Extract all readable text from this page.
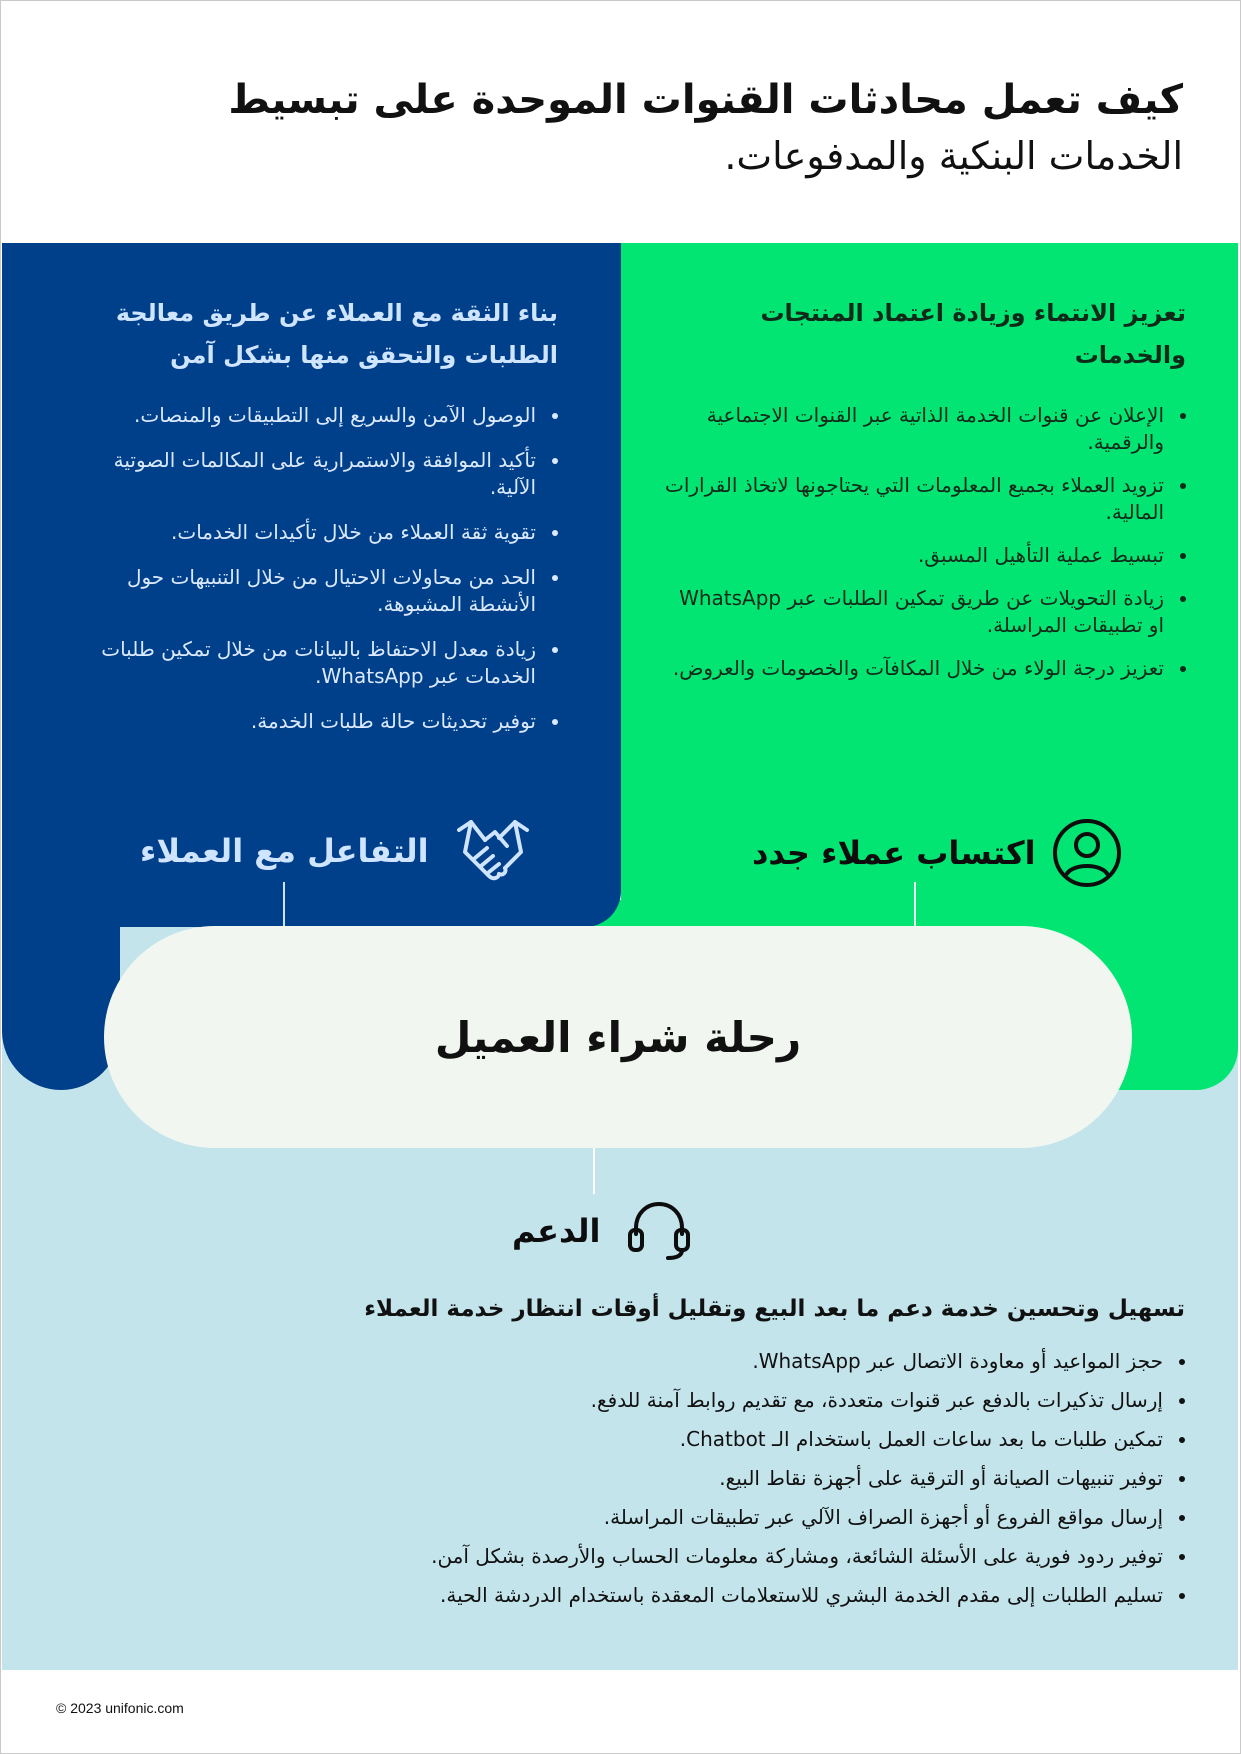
كيف تعمل محادثات القنوات الموحدة على تبسيط

الخدمات البنكية والمدفوعات.

بناء الثقة مع العملاء عن طريق معالجة الطلبات والتحقق منها بشكل آمن
الوصول الآمن والسريع إلى التطبيقات والمنصات.
تأكيد الموافقة والاستمرارية على المكالمات الصوتية الآلية.
تقوية ثقة العملاء من خلال تأكيدات الخدمات.
الحد من محاولات الاحتيال من خلال التنبيهات حول الأنشطة المشبوهة.
زيادة معدل الاحتفاظ بالبيانات من خلال تمكين طلبات الخدمات عبر WhatsApp.
توفير تحديثات حالة طلبات الخدمة.
تعزيز الانتماء وزيادة اعتماد المنتجات والخدمات
الإعلان عن قنوات الخدمة الذاتية عبر القنوات الاجتماعية والرقمية.
تزويد العملاء بجميع المعلومات التي يحتاجونها لاتخاذ القرارات المالية.
تبسيط عملية التأهيل المسبق.
زيادة التحويلات عن طريق تمكين الطلبات عبر WhatsApp او تطبيقات المراسلة.
تعزيز درجة الولاء من خلال المكافآت والخصومات والعروض.
التفاعل مع العملاء	اكتساب عملاء جدد
رحلة شراء العميل
الدعم
تسهيل وتحسين خدمة دعم ما بعد البيع وتقليل أوقات انتظار خدمة العملاء
حجز المواعيد أو معاودة الاتصال عبر WhatsApp.
إرسال تذكيرات بالدفع عبر قنوات متعددة، مع تقديم روابط آمنة للدفع.
تمكين طلبات ما بعد ساعات العمل باستخدام الـ Chatbot.
توفير تنبيهات الصيانة أو الترقية على أجهزة نقاط البيع.
إرسال مواقع الفروع أو أجهزة الصراف الآلي عبر تطبيقات المراسلة.
توفير ردود فورية على الأسئلة الشائعة، ومشاركة معلومات الحساب والأرصدة بشكل آمن.
تسليم الطلبات إلى مقدم الخدمة البشري للاستعلامات المعقدة باستخدام الدردشة الحية.
© 2023 unifonic.com
